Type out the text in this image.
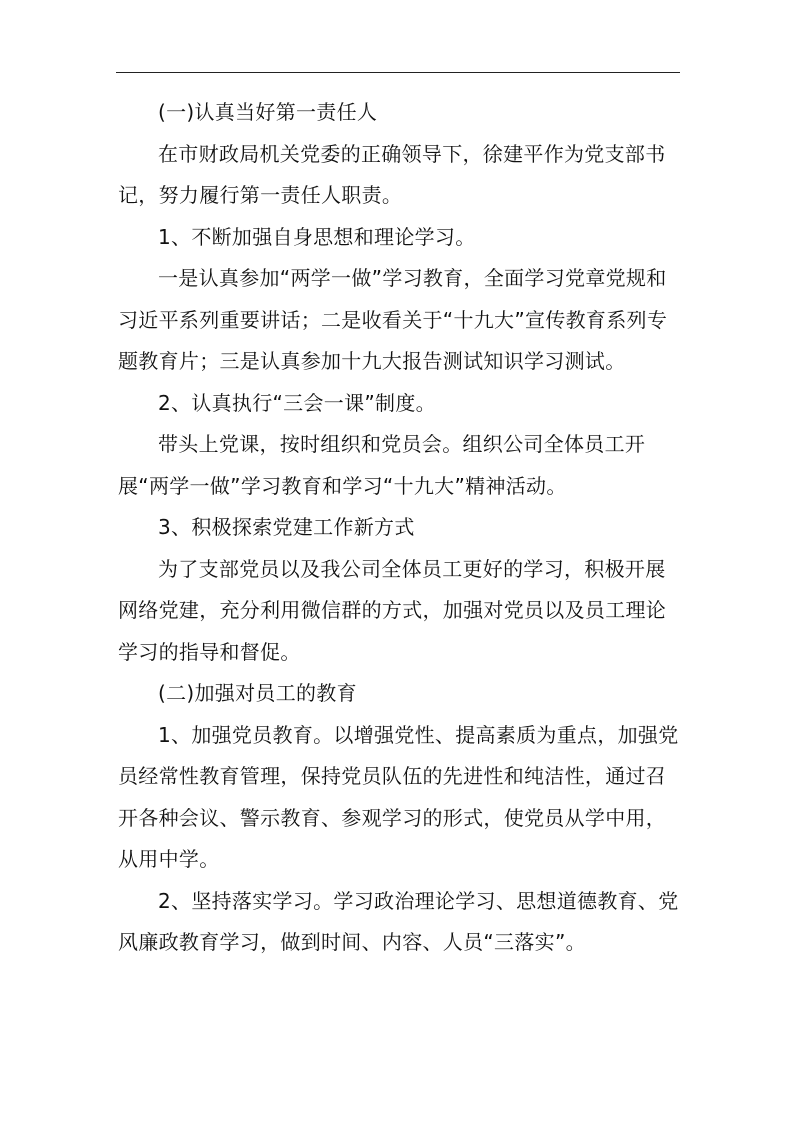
(一)认真当好第一责任人

在市财政局机关党委的正确领导下，徐建平作为党支部书记，努力履行第一责任人职责。

1、不断加强自身思想和理论学习。

一是认真参加“两学一做”学习教育，全面学习党章党规和习近平系列重要讲话；二是收看关于“十九大”宣传教育系列专题教育片；三是认真参加十九大报告测试知识学习测试。

2、认真执行“三会一课”制度。

带头上党课，按时组织和党员会。组织公司全体员工开展“两学一做”学习教育和学习“十九大”精神活动。

3、积极探索党建工作新方式

为了支部党员以及我公司全体员工更好的学习，积极开展网络党建，充分利用微信群的方式，加强对党员以及员工理论学习的指导和督促。

(二)加强对员工的教育

1、加强党员教育。以增强党性、提高素质为重点，加强党员经常性教育管理，保持党员队伍的先进性和纯洁性，通过召开各种会议、警示教育、参观学习的形式，使党员从学中用，从用中学。

2、坚持落实学习。学习政治理论学习、思想道德教育、党风廉政教育学习，做到时间、内容、人员“三落实”。
